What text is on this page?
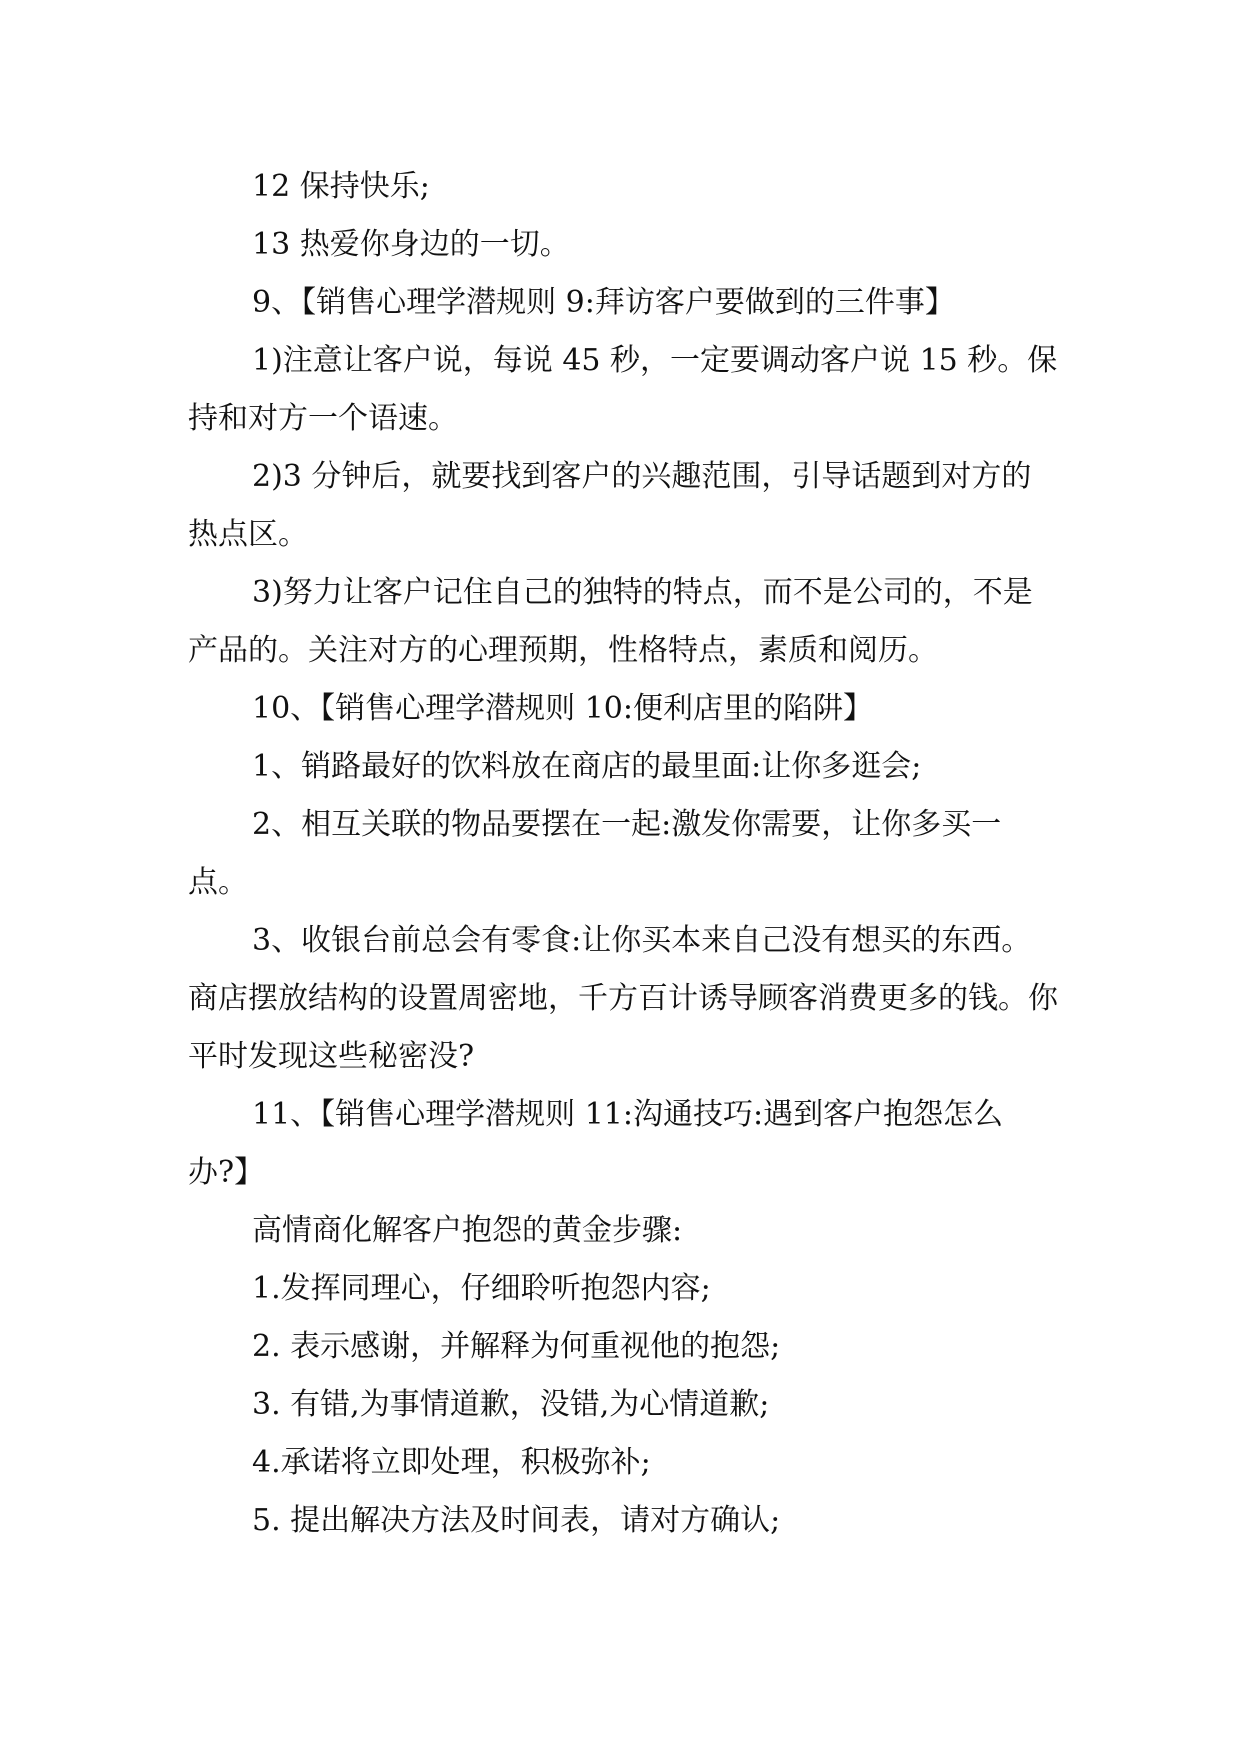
12 保持快乐;

13 热爱你身边的一切。

9、【销售心理学潜规则 9:拜访客户要做到的三件事】

1)注意让客户说，每说 45 秒，一定要调动客户说 15 秒。保持和对方一个语速。

2)3 分钟后，就要找到客户的兴趣范围，引导话题到对方的热点区。

3)努力让客户记住自己的独特的特点，而不是公司的，不是产品的。关注对方的心理预期，性格特点，素质和阅历。

10、【销售心理学潜规则 10:便利店里的陷阱】

1、销路最好的饮料放在商店的最里面:让你多逛会;

2、相互关联的物品要摆在一起:激发你需要，让你多买一点。

3、收银台前总会有零食:让你买本来自己没有想买的东西。商店摆放结构的设置周密地，千方百计诱导顾客消费更多的钱。你平时发现这些秘密没?

11、【销售心理学潜规则 11:沟通技巧:遇到客户抱怨怎么办?】

高情商化解客户抱怨的黄金步骤:

1.发挥同理心，仔细聆听抱怨内容;

2. 表示感谢，并解释为何重视他的抱怨;

3. 有错,为事情道歉，没错,为心情道歉;

4.承诺将立即处理，积极弥补;

5. 提出解决方法及时间表，请对方确认;
